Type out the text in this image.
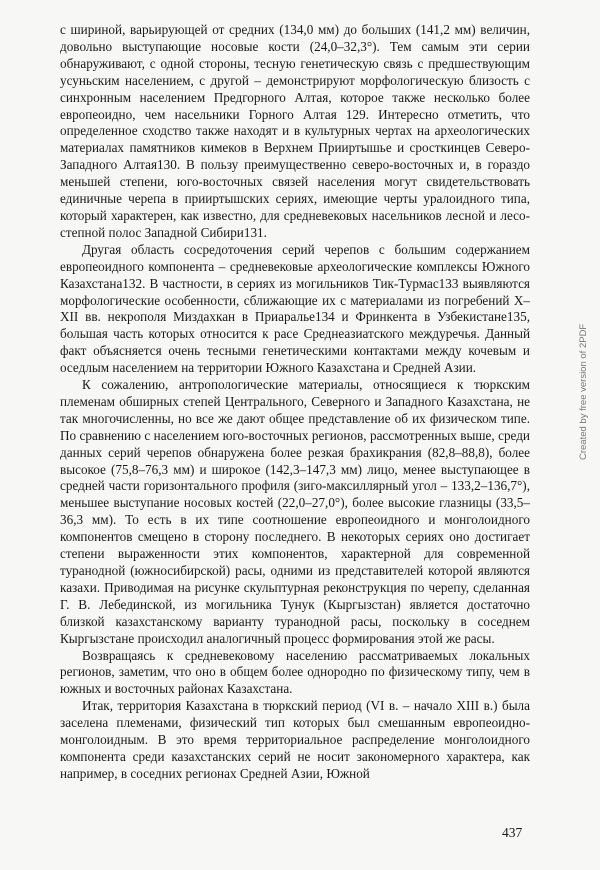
с шириной, варьирующей от средних (134,0 мм) до больших (141,2 мм) величин, довольно выступающие носовые кости (24,0–32,3°). Тем самым эти серии обнаруживают, с одной стороны, тесную генетическую связь с предшествующим усуньским населением, с другой – демонстрируют морфологическую близость с синхронным населением Предгорного Алтая, которое также несколько более европеоидно, чем насельники Горного Алтая 129. Интересно отметить, что определенное сходство также находят и в культурных чертах на археологических материалах памятников кимеков в Верхнем Прииртышье и сросткинцев Северо-Западного Алтая130. В пользу преимущественно северо-восточных и, в гораздо меньшей степени, юго-восточных связей населения могут свидетельствовать единичные черепа в прииртышских сериях, имеющие черты уралоидного типа, который характерен, как известно, для средневековых насельников лесной и лесо-степной полос Западной Сибири131.

Другая область сосредоточения серий черепов с большим содержанием европеоидного компонента – средневековые археологические комплексы Южного Казахстана132. В частности, в сериях из могильников Тик-Турмас133 выявляются морфологические особенности, сближающие их с материалами из погребений X–XII вв. некрополя Миздахкан в Приаралье134 и Фринкента в Узбекистане135, большая часть которых относится к расе Среднеазиатского междуречья. Данный факт объясняется очень тесными генетическими контактами между кочевым и оседлым населением на территории Южного Казахстана и Средней Азии.

К сожалению, антропологические материалы, относящиеся к тюркским племенам обширных степей Центрального, Северного и Западного Казахстана, не так многочисленны, но все же дают общее представление об их физическом типе. По сравнению с населением юго-восточных регионов, рассмотренных выше, среди данных серий черепов обнаружена более резкая брахикрания (82,8–88,8), более высокое (75,8–76,3 мм) и широкое (142,3–147,3 мм) лицо, менее выступающее в средней части горизонтального профиля (зиго-максиллярный угол – 133,2–136,7°), меньшее выступание носовых костей (22,0–27,0°), более высокие глазницы (33,5–36,3 мм). То есть в их типе соотношение европеоидного и монголоидного компонентов смещено в сторону последнего. В некоторых сериях оно достигает степени выраженности этих компонентов, характерной для современной туранодной (южносибирской) расы, одними из представителей которой являются казахи. Приводимая на рисунке скульптурная реконструкция по черепу, сделанная Г. В. Лебединской, из могильника Тунук (Кыргызстан) является достаточно близкой казахстанскому варианту туранодной расы, поскольку в соседнем Кыргызстане происходил аналогичный процесс формирования этой же расы.

Возвращаясь к средневековому населению рассматриваемых локальных регионов, заметим, что оно в общем более однородно по физическому типу, чем в южных и восточных районах Казахстана.

Итак, территория Казахстана в тюркский период (VI в. – начало XIII в.) была заселена племенами, физический тип которых был смешанным европеоидно-монголоидным. В это время территориальное распределение монголоидного компонента среди казахстанских серий не носит закономерного характера, как например, в соседних регионах Средней Азии, Южной

437
Created by free version of 2PDF
